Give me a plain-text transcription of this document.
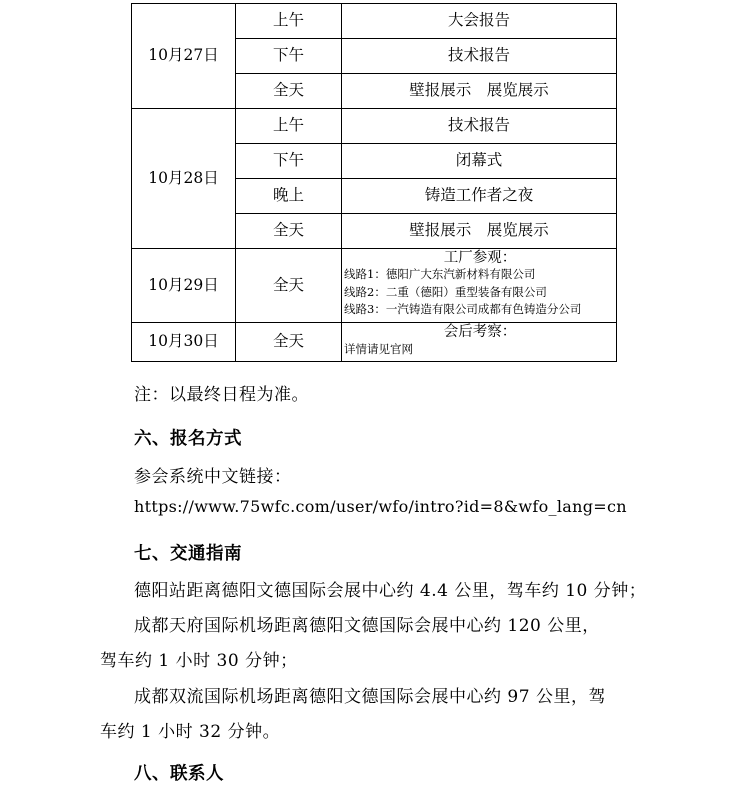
10月27日	上午	大会报告
	下午	技术报告
	全天	壁报展示　展览展示
10月28日	上午	技术报告
	下午	闭幕式
	晚上	铸造工作者之夜
	全天	壁报展示　展览展示
10月29日	全天	工厂参观：
线路1：德阳广大东汽新材料有限公司
线路2：二重（德阳）重型装备有限公司
线路3：一汽铸造有限公司成都有色铸造分公司

10月30日	全天	会后考察：
详情请见官网

注：以最终日程为准。

六、报名方式

参会系统中文链接：

https://www.75wfc.com/user/wfo/intro?id=8&wfo_lang=cn

七、交通指南

德阳站距离德阳文德国际会展中心约 4.4 公里，驾车约 10 分钟；

成都天府国际机场距离德阳文德国际会展中心约 120 公里，

驾车约 1 小时 30 分钟；

成都双流国际机场距离德阳文德国际会展中心约 97 公里，驾

车约 1 小时 32 分钟。

八、联系人
